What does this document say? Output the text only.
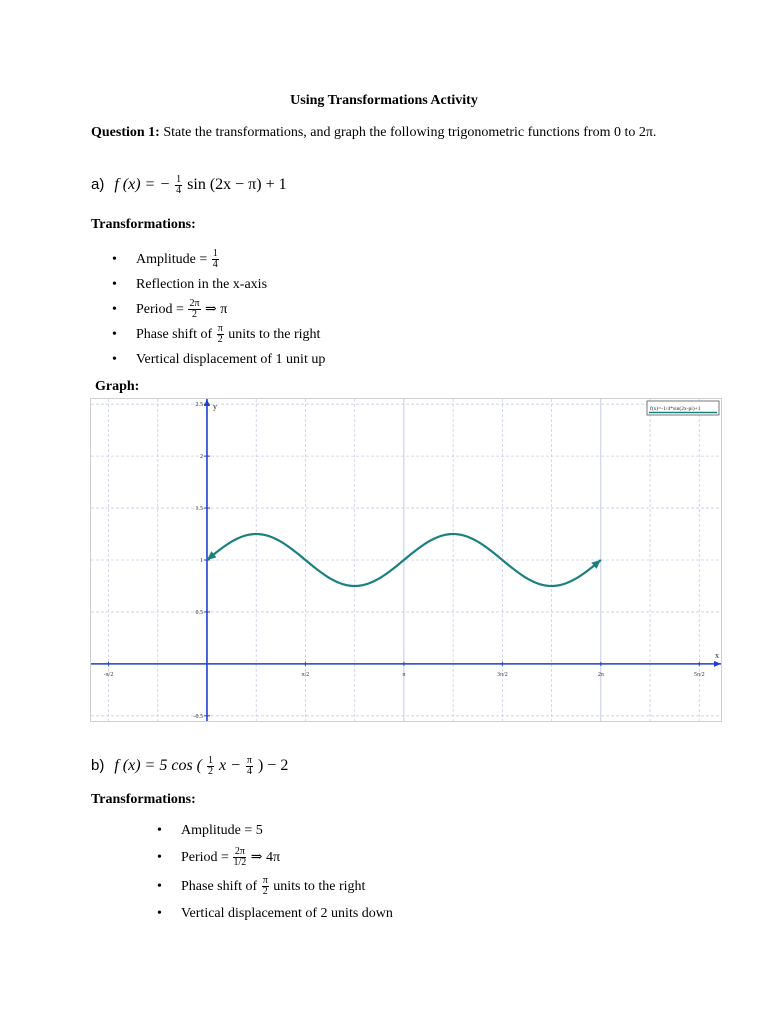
Using Transformations Activity
Question 1: State the transformations, and graph the following trigonometric functions from 0 to 2π.
a) f (x) = − $\frac{1}{4}$ sin (2x − π) + 1
Transformations:
• Amplitude = $\frac{1}{4}$
• Reflection in the x-axis
• Period = $\frac{2\pi}{2}$ ⇒ π
• Phase shift of $\frac{\pi}{2}$ units to the right
• Vertical displacement of 1 unit up
Graph:
x
y
-π/2	π/2	π	3π/2	2π	5π/2
2.5
2
1.5
1
0.5
-0.5
f(x)=-1/4*sin(2x-pi)+1
b) f (x) = 5 cos ( $\frac{1}{2}$ $x - \frac{\pi}{4}$ ) − 2
Transformations:
• Amplitude = 5
• Period = $\frac{2\pi}{1/2}$ ⇒ 4π
• Phase shift of $\frac{\pi}{2}$ units to the right
• Vertical displacement of 2 units down
